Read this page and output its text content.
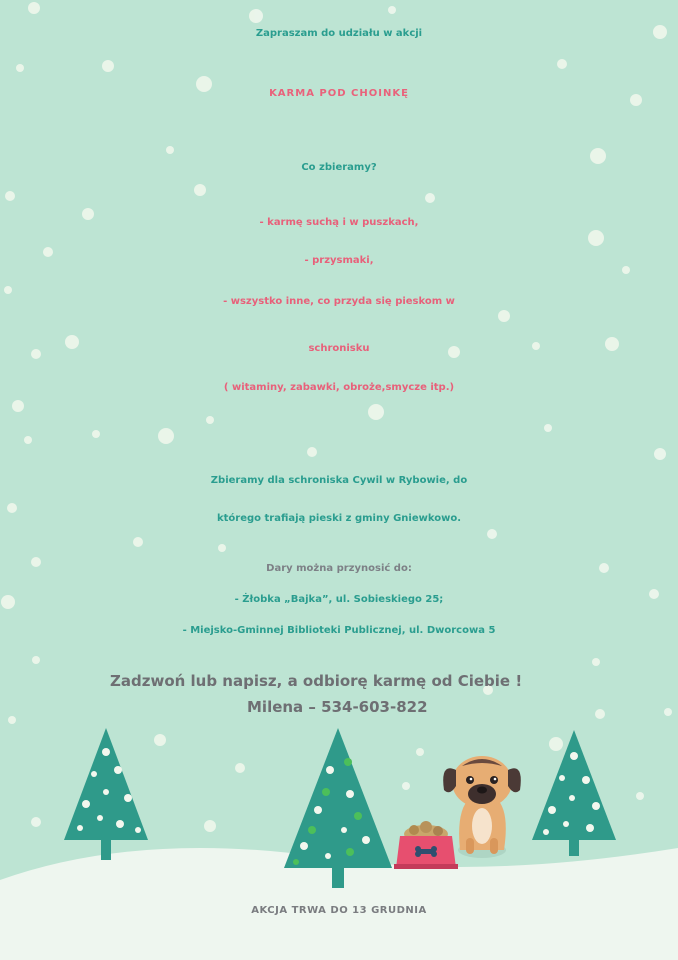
Zapraszam do udziału w akcji
KARMA POD CHOINKĘ
Co zbieramy?
- karmę suchą i w puszkach,
- przysmaki,
- wszystko inne, co przyda się pieskom w
schronisku
( witaminy, zabawki, obroże,smycze itp.)
Zbieramy dla schroniska Cywil w Rybowie, do
którego trafiają pieski z gminy Gniewkowo.
Dary można przynosić do:
- Żłobka „Bajka”, ul. Sobieskiego 25;
- Miejsko-Gminnej Biblioteki Publicznej, ul. Dworcowa 5
Zadzwoń lub napisz, a odbiorę karmę od Ciebie !
Milena – 534-603-822
AKCJA TRWA DO 13 GRUDNIA
